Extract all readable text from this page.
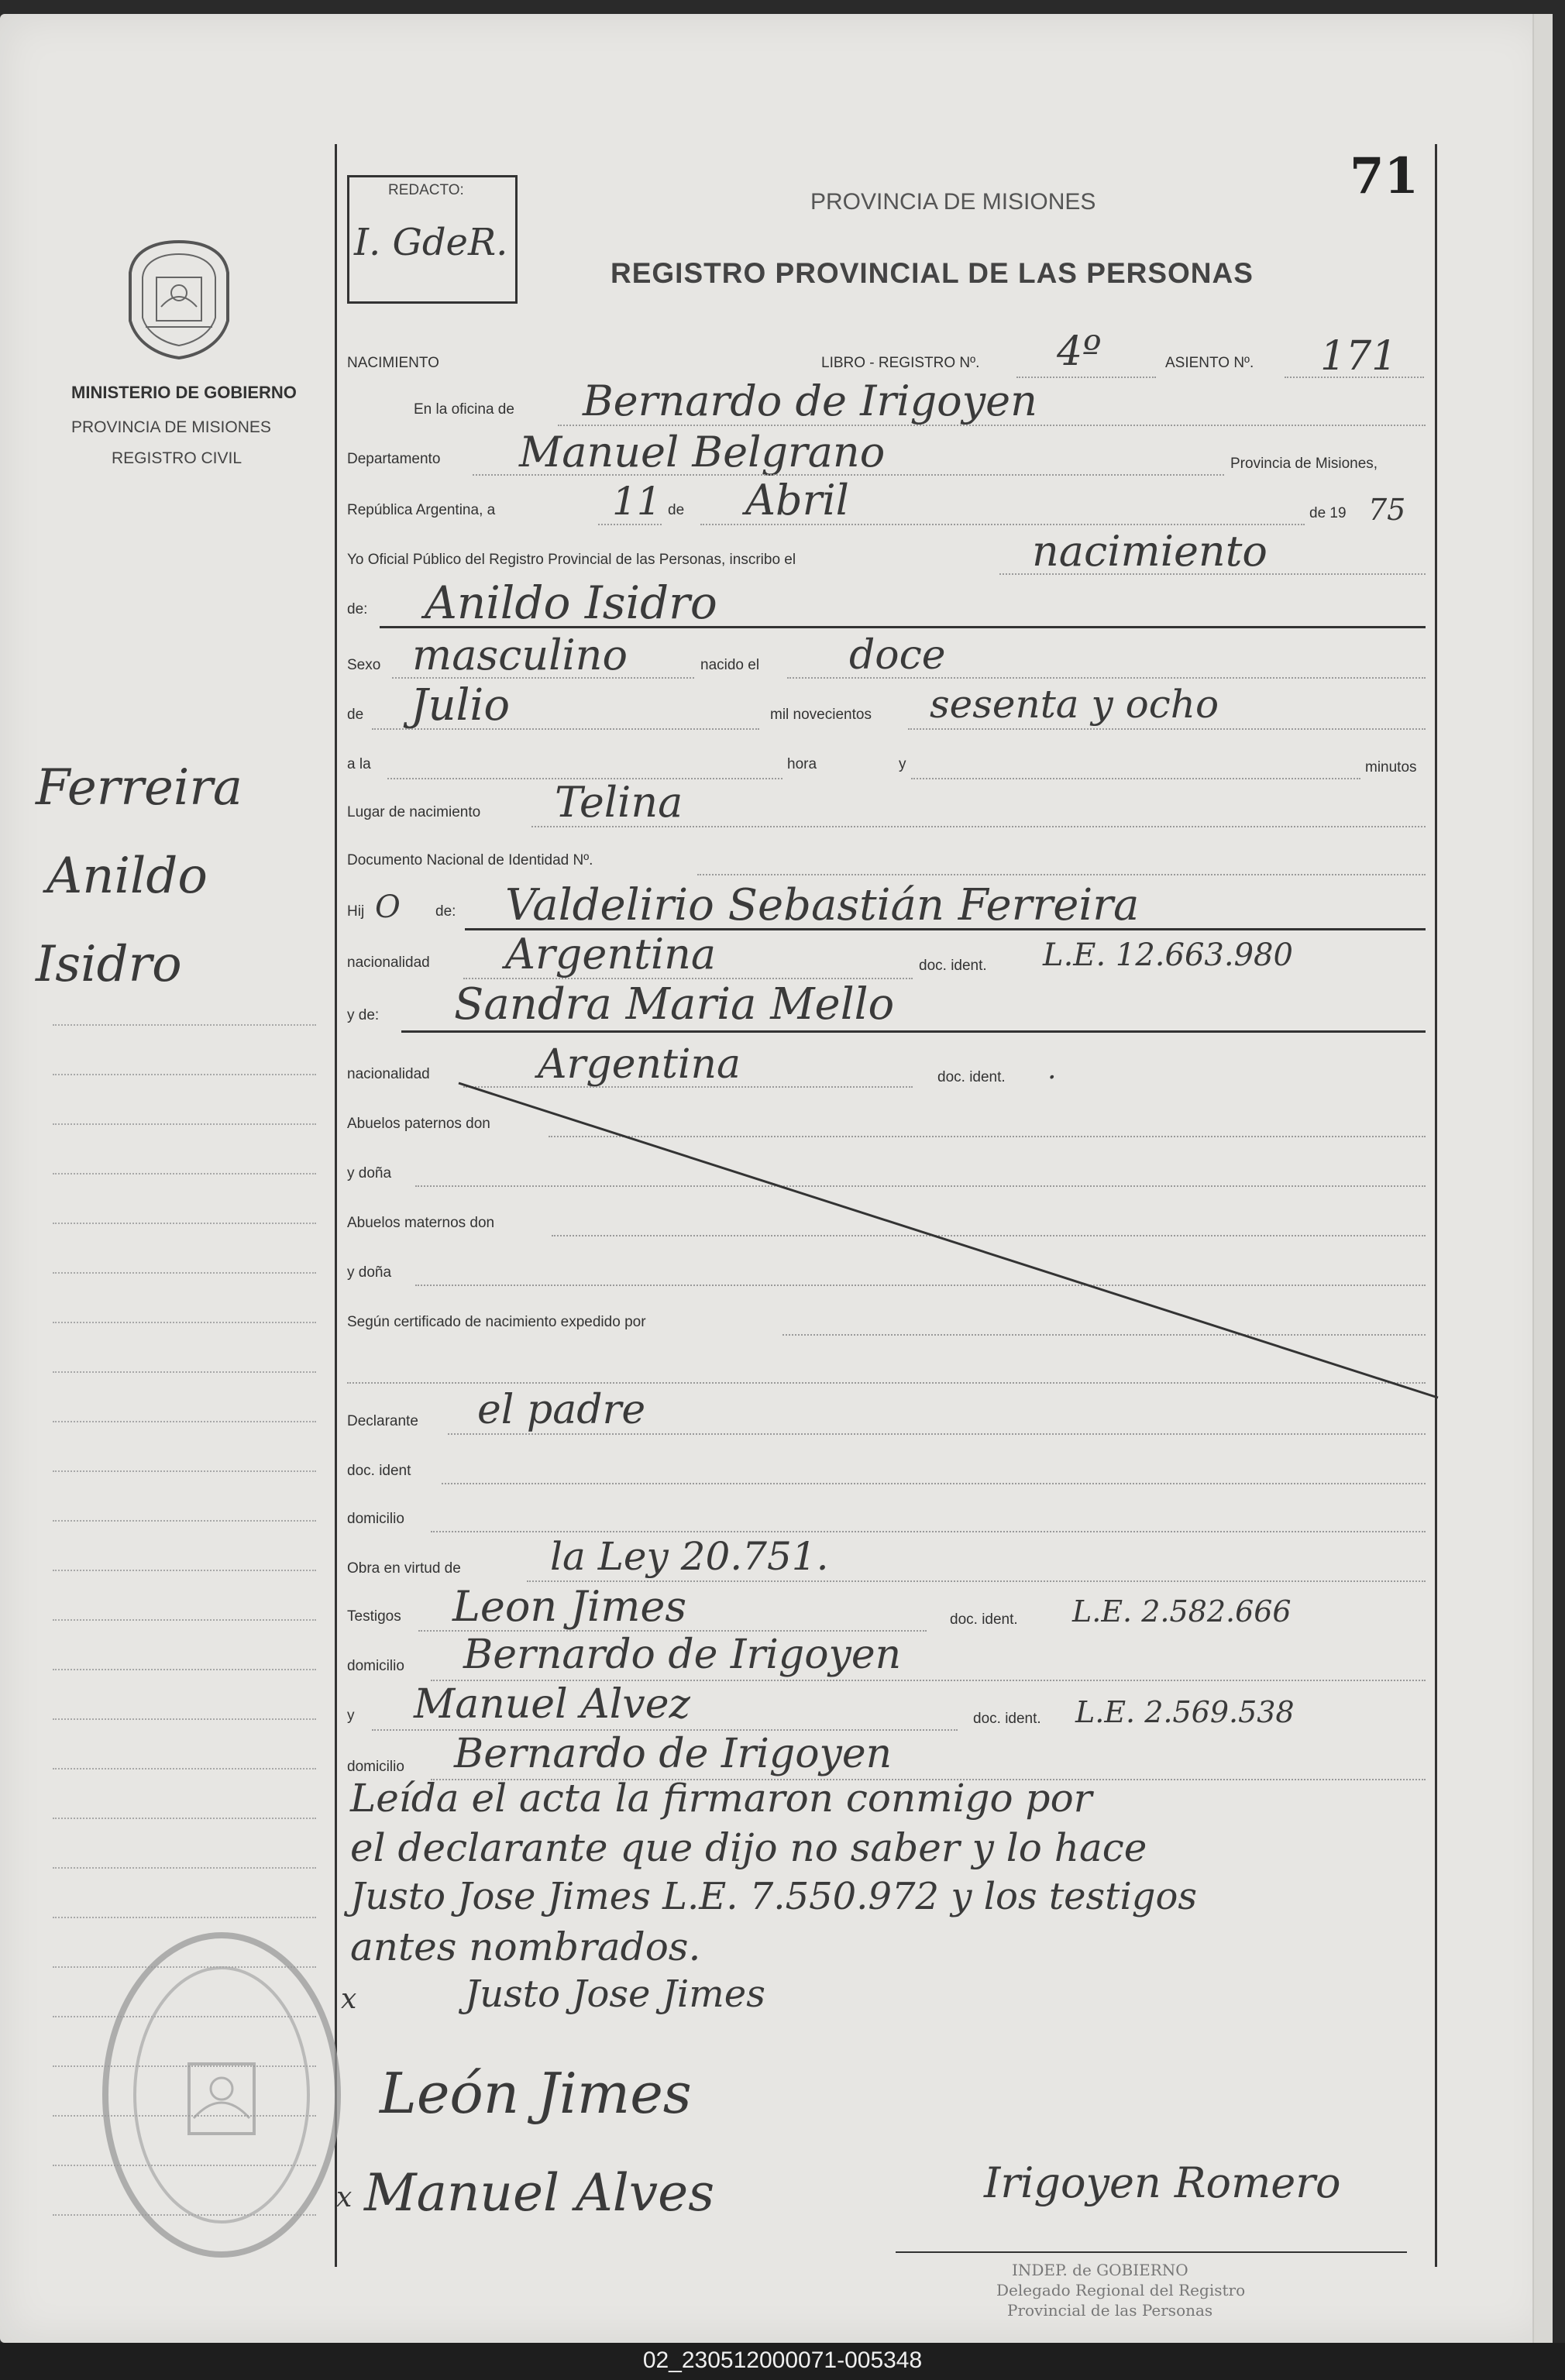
71
REDACTO:
I. GdeR.
PROVINCIA DE MISIONES
REGISTRO PROVINCIAL DE LAS PERSONAS
MINISTERIO DE GOBIERNO
PROVINCIA DE MISIONES
REGISTRO CIVIL
Ferreira
Anildo
Isidro
NACIMIENTO	LIBRO - REGISTRO Nº. 4º	ASIENTO Nº. 171
En la oficina de Bernardo de Irigoyen
Departamento Manuel Belgrano	Provincia de Misiones,
República Argentina, a	11 de Abril	de 19 75
Yo Oficial Público del Registro Provincial de las Personas, inscribo el	nacimiento
de: Anildo Isidro
Sexo masculino	nacido el doce
de Julio	mil novecientos sesenta y ocho
a la	hora	y	minutos
Lugar de nacimiento Telina
Documento Nacional de Identidad Nº.
Hij O de: Valdelirio Sebastián Ferreira
nacionalidad Argentina	doc. ident. L.E. 12.663.980
y de: Sandra Maria Mello
nacionalidad	Argentina	doc. ident. .
Abuelos paternos don
y doña
Abuelos maternos don
y doña
Según certificado de nacimiento expedido por
Declarante el padre
doc. ident
domicilio
Obra en virtud de la Ley 20.751.
Testigos Leon Jimes	doc. ident. L.E. 2.582.666
domicilio Bernardo de Irigoyen
y Manuel Alvez	doc. ident. L.E. 2.569.538
domicilio Bernardo de Irigoyen
Leída el acta la firmaron conmigo por
el declarante que dijo no saber y lo hace
Justo Jose Jimes L.E. 7.550.972 y los testigos
antes nombrados.
x	Justo Jose Jimes
León Jimes
x Manuel Alves	Irigoyen Romero
INDEP. de GOBIERNO
Delegado Regional del Registro
Provincial de las Personas
02_230512000071-005348
